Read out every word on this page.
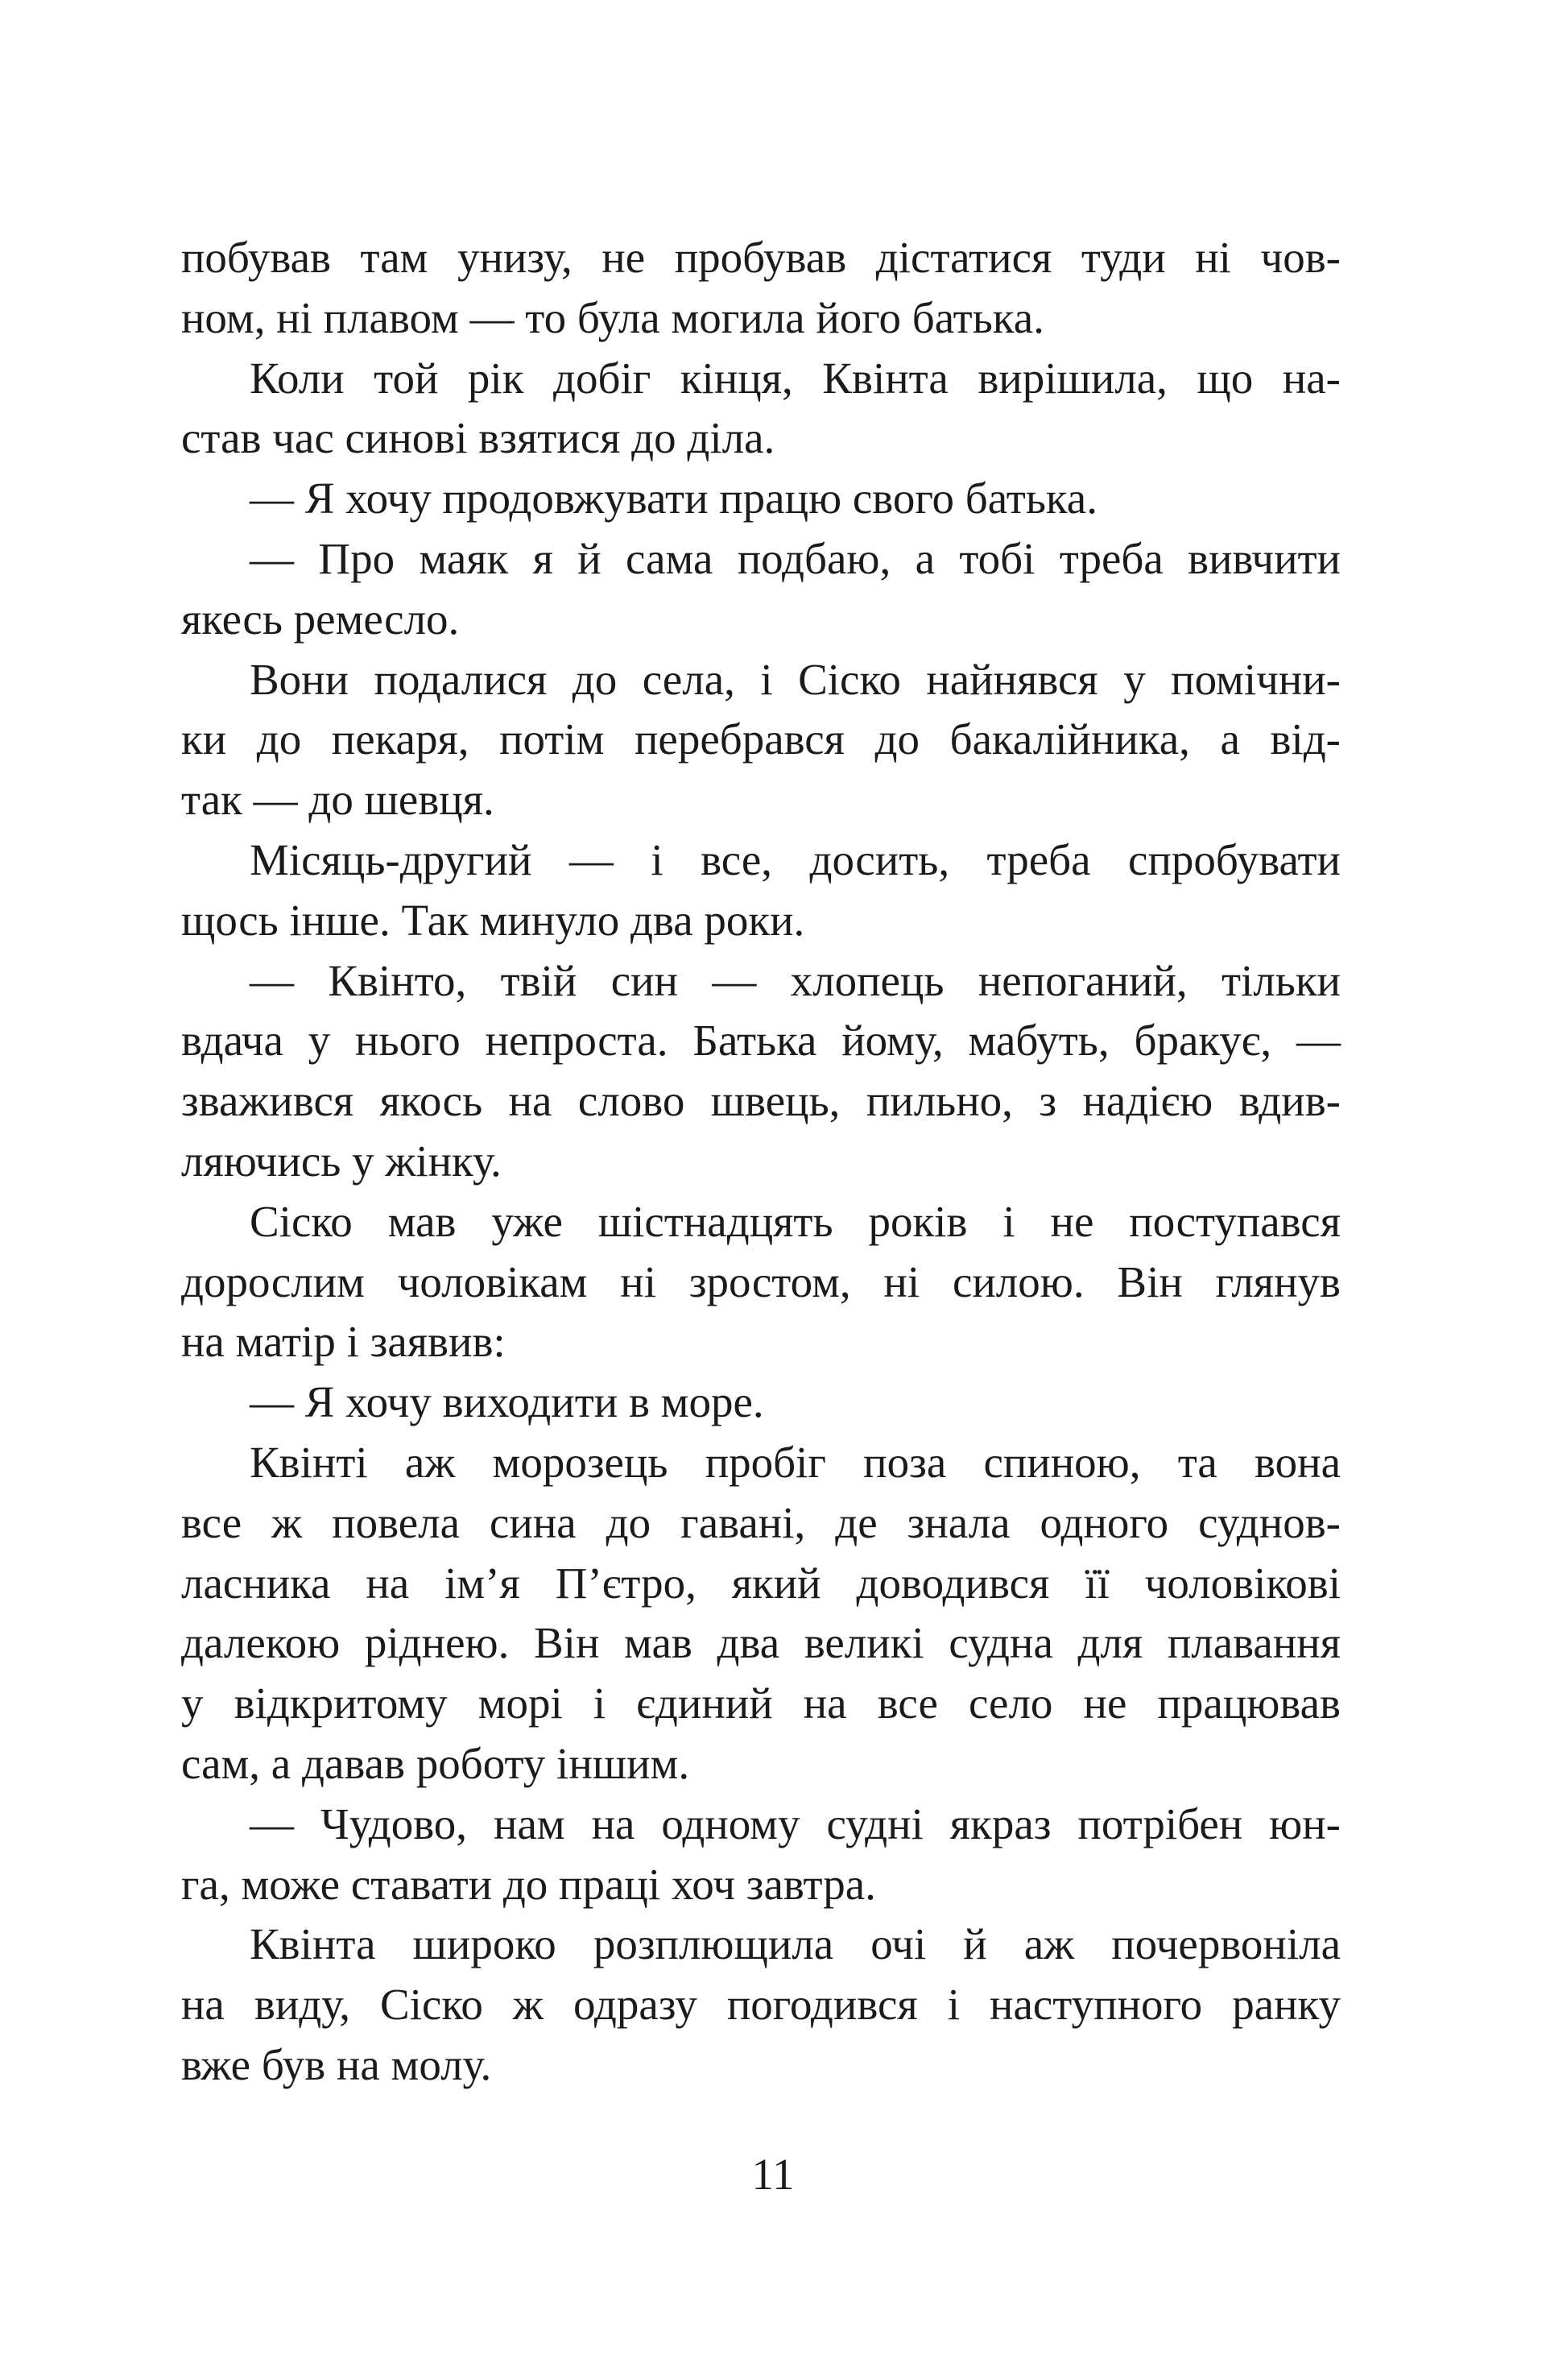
побував там унизу, не пробував дістатися туди ні чов-
ном, ні плавом — то була могила його батька.
Коли той рік добіг кінця, Квінта вирішила, що на-
став час синові взятися до діла.
— Я хочу продовжувати працю свого батька.
— Про маяк я й сама подбаю, а тобі треба вивчити
якесь ремесло.
Вони подалися до села, і Сіско найнявся у помічни-
ки до пекаря, потім перебрався до бакалійника, а від-
так — до шевця.
Місяць-другий — і все, досить, треба спробувати
щось інше. Так минуло два роки.
— Квінто, твій син — хлопець непоганий, тільки
вдача у нього непроста. Батька йому, мабуть, бракує, —
зважився якось на слово швець, пильно, з надією вдив-
ляючись у жінку.
Сіско мав уже шістнадцять років і не поступався
дорослим чоловікам ні зростом, ні силою. Він глянув
на матір і заявив:
— Я хочу виходити в море.
Квінті аж морозець пробіг поза спиною, та вона
все ж повела сина до гавані, де знала одного суднов-
ласника на ім’я П’єтро, який доводився її чоловікові
далекою ріднею. Він мав два великі судна для плавання
у відкритому морі і єдиний на все село не працював
сам, а давав роботу іншим.
— Чудово, нам на одному судні якраз потрібен юн-
га, може ставати до праці хоч завтра.
Квінта широко розплющила очі й аж почервоніла
на виду, Сіско ж одразу погодився і наступного ранку
вже був на молу.
11
